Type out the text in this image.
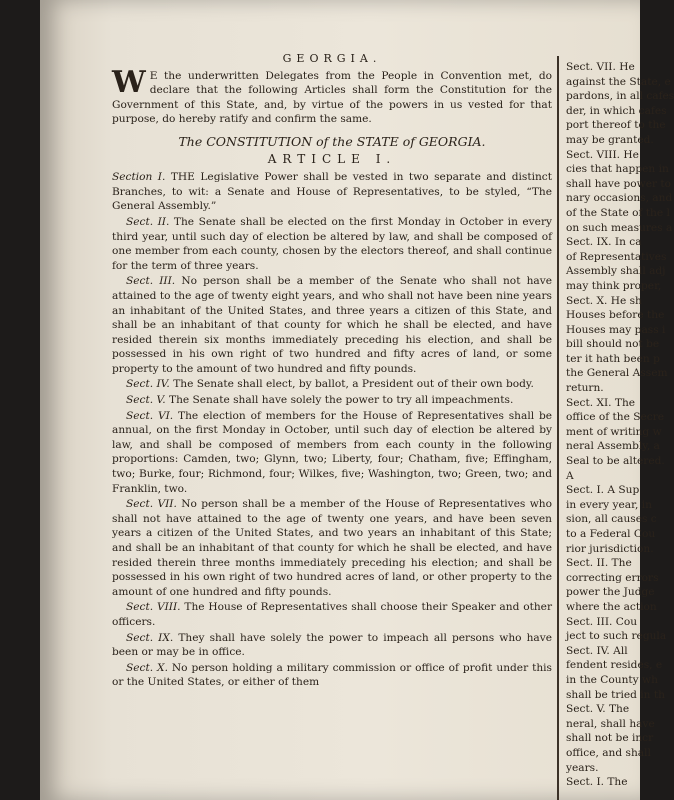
GEORGIA.
W E the underwritten Delegates from the People in Convention met, do declare that the following Articles shall form the Constitution for the Government of this State, and, by virtue of the powers in us vested for that purpose, do hereby ratify and confirm the same.
The CONSTITUTION of the STATE of GEORGIA.
ARTICLE I.

Section I. THE Legislative Power shall be vested in two separate and distinct Branches, to wit: a Senate and House of Representatives, to be styled, “The General Assembly.”

Sect. II. The Senate shall be elected on the first Monday in October in every third year, until such day of election be altered by law, and shall be composed of one member from each county, chosen by the electors thereof, and shall continue for the term of three years.

Sect. III. No person shall be a member of the Senate who shall not have attained to the age of twenty eight years, and who shall not have been nine years an inhabitant of the United States, and three years a citizen of this State, and shall be an inhabitant of that county for which he shall be elected, and have resided therein six months immediately preceding his election, and shall be possessed in his own right of two hundred and fifty acres of land, or some property to the amount of two hundred and fifty pounds.

Sect. IV. The Senate shall elect, by ballot, a President out of their own body.

Sect. V. The Senate shall have solely the power to try all impeachments.

Sect. VI. The election of members for the House of Representatives shall be annual, on the first Monday in October, until such day of election be altered by law, and shall be composed of members from each county in the following proportions: Camden, two; Glynn, two; Liberty, four; Chatham, five; Effingham, two; Burke, four; Richmond, four; Wilkes, five; Washington, two; Green, two; and Franklin, two.

Sect. VII. No person shall be a member of the House of Representatives who shall not have attained to the age of twenty one years, and have been seven years a citizen of the United States, and two years an inhabitant of this State; and shall be an inhabitant of that county for which he shall be elected, and have resided therein three months immediately preceding his election; and shall be possessed in his own right of two hundred acres of land, or other property to the amount of one hundred and fifty pounds.

Sect. VIII. The House of Representatives shall choose their Speaker and other officers.

Sect. IX. They shall have solely the power to impeach all persons who have been or may be in office.

Sect. X. No person holding a military commission or office of profit under this or the United States, or either of them

Sect. VII. He
against the State, e
pardons, in all cafes
der, in which cafes
port thereof to the
may be granted.
Sect. VIII. He
cies that happen in
shall have power to
nary occasions, and
of the State of the l
on such measures a
Sect. IX. In ca
of Representatives
Assembly shall adj
may think proper,
Sect. X. He sh
Houses before the
Houses may pass i
bill should not be
ter it hath been p
the General Assem
return.
Sect. XI. The
office of the Secre
ment of writing w
neral Assembly, a
Seal to be altered.
A
Sect. I. A Sup
in every year, in
sion, all causes c
to a Federal Cou
rior jurisdiction.
Sect. II. The
correcting errors
power the Judge
where the action
Sect. III. Cou
ject to such regula
Sect. IV. All
fendent resides, e
in the County wh
shall be tried in th
Sect. V. The
neral, shall have
shall not be incr
office, and shall
years.
Sect. I. The
